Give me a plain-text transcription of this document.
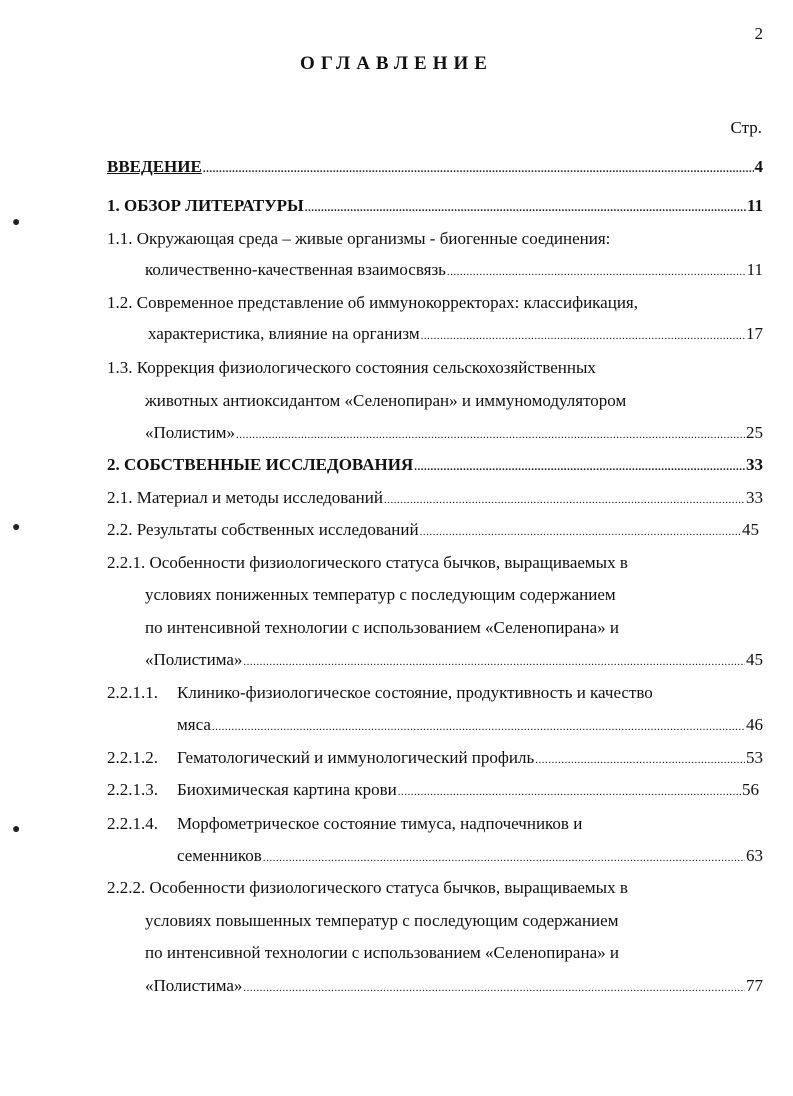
2
ОГЛАВЛЕНИЕ
Стр.
●
●
●
ВВЕДЕНИЕ .....	4
1. ОБЗОР ЛИТЕРАТУРЫ .....	11
1.1. Окружающая среда – живые организмы - биогенные соединения:
количественно-качественная взаимосвязь .....	11
1.2. Современное представление об иммунокорректорах: классификация,
характеристика, влияние на организм .....	17
1.3. Коррекция физиологического состояния сельскохозяйственных
животных антиоксидантом «Селенопиран» и иммуномодулятором
«Полистим» .....	25
2. СОБСТВЕННЫЕ ИССЛЕДОВАНИЯ .....	33
2.1. Материал и методы исследований .....	33
2.2. Результаты собственных исследований .....	45
2.2.1. Особенности физиологического статуса бычков, выращиваемых в
условиях пониженных температур с последующим содержанием
по интенсивной технологии с использованием «Селенопирана» и
«Полистима» .....	45
2.2.1.1. Клинико-физиологическое состояние, продуктивность и качество
мяса .....	46
2.2.1.2. Гематологический и иммунологический профиль .....	53
2.2.1.3. Биохимическая картина крови .....	56
2.2.1.4. Морфометрическое состояние тимуса, надпочечников и
семенников .....	63
2.2.2. Особенности физиологического статуса бычков, выращиваемых в
условиях повышенных температур с последующим содержанием
по интенсивной технологии с использованием «Селенопирана» и
«Полистима» .....	77
